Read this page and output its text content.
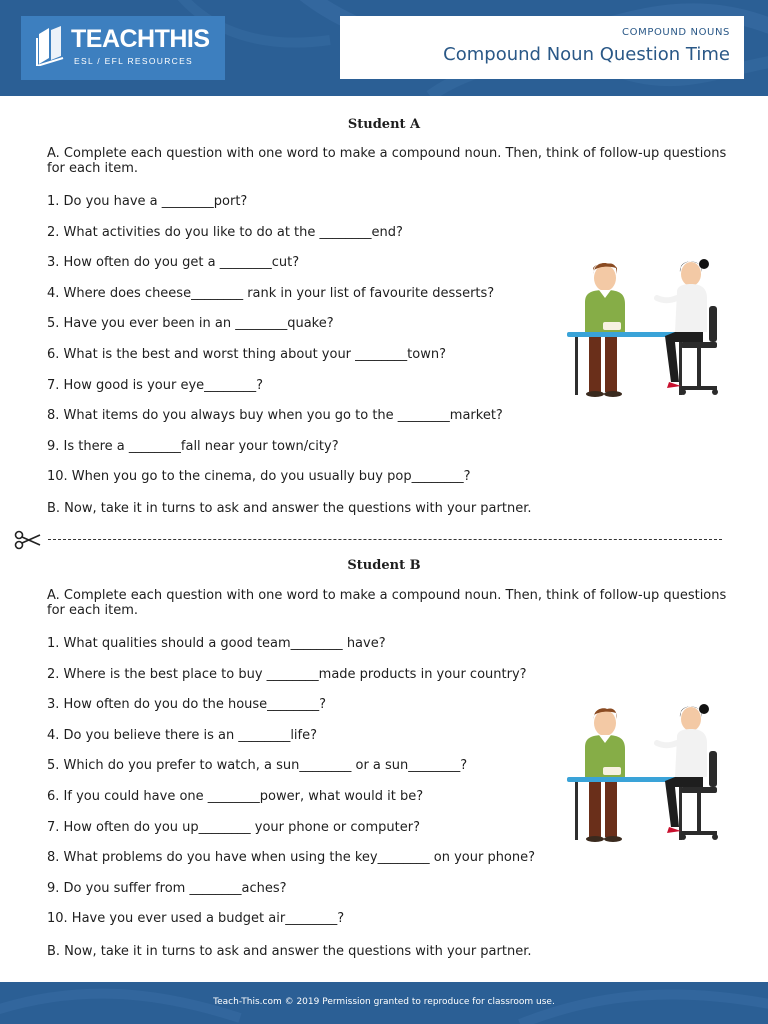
TEACHTHIS
ESL / EFL RESOURCES
COMPOUND NOUNS
Compound Noun Question Time
Student A
A. Complete each question with one word to make a compound noun. Then, think of follow-up questions for each item.
1. Do you have a ________port?
2. What activities do you like to do at the ________end?
3. How often do you get a ________cut?
4. Where does cheese________ rank in your list of favourite desserts?
5. Have you ever been in an ________quake?
6. What is the best and worst thing about your ________town?
7. How good is your eye________?
8. What items do you always buy when you go to the ________market?
9. Is there a ________fall near your town/city?
10. When you go to the cinema, do you usually buy pop________?
B. Now, take it in turns to ask and answer the questions with your partner.
Student B
A. Complete each question with one word to make a compound noun. Then, think of follow-up questions for each item.
1. What qualities should a good team________ have?
2. Where is the best place to buy ________made products in your country?
3. How often do you do the house________?
4. Do you believe there is an ________life?
5. Which do you prefer to watch, a sun________ or a sun________?
6. If you could have one ________power, what would it be?
7. How often do you up________ your phone or computer?
8. What problems do you have when using the key________ on your phone?
9. Do you suffer from ________aches?
10. Have you ever used a budget air________?
B. Now, take it in turns to ask and answer the questions with your partner.
Teach-This.com © 2019 Permission granted to reproduce for classroom use.
